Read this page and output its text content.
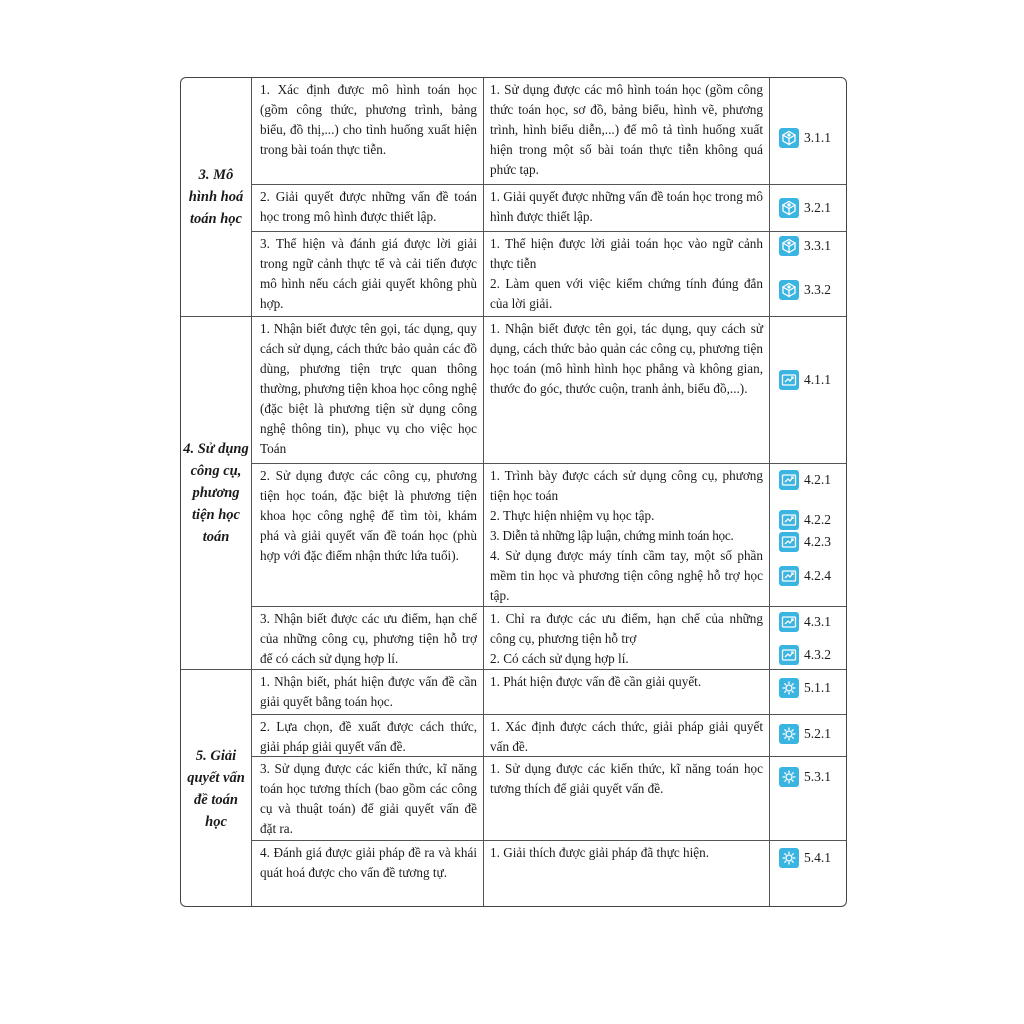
3. Mô hình hoá toán học
1. Xác định được mô hình toán học (gồm công thức, phương trình, bảng biểu, đồ thị,...) cho tình huống xuất hiện trong bài toán thực tiễn.
1. Sử dụng được các mô hình toán học (gồm công thức toán học, sơ đồ, bảng biểu, hình vẽ, phương trình, hình biểu diễn,...) để mô tả tình huống xuất hiện trong một số bài toán thực tiễn không quá phức tạp.
3.1.1
2. Giải quyết được những vấn đề toán học trong mô hình được thiết lập.
1. Giải quyết được những vấn đề toán học trong mô hình được thiết lập.
3.2.1
3. Thể hiện và đánh giá được lời giải trong ngữ cảnh thực tế và cải tiến được mô hình nếu cách giải quyết không phù hợp.
1. Thể hiện được lời giải toán học vào ngữ cảnh thực tiễn
2. Làm quen với việc kiểm chứng tính đúng đắn của lời giải.
3.3.1
3.3.2
4. Sử dụng công cụ, phương tiện học toán
1. Nhận biết được tên gọi, tác dụng, quy cách sử dụng, cách thức bảo quản các đồ dùng, phương tiện trực quan thông thường, phương tiện khoa học công nghệ (đặc biệt là phương tiện sử dụng công nghệ thông tin), phục vụ cho việc học Toán
1. Nhận biết được tên gọi, tác dụng, quy cách sử dụng, cách thức bảo quản các công cụ, phương tiện học toán (mô hình hình học phẳng và không gian, thước đo góc, thước cuộn, tranh ảnh, biểu đồ,...).
4.1.1
2. Sử dụng được các công cụ, phương tiện học toán, đặc biệt là phương tiện khoa học công nghệ để tìm tòi, khám phá và giải quyết vấn đề toán học (phù hợp với đặc điểm nhận thức lứa tuổi).
1. Trình bày được cách sử dụng công cụ, phương tiện học toán
2. Thực hiện nhiệm vụ học tập.
3. Diễn tả những lập luận, chứng minh toán học.
4. Sử dụng được máy tính cầm tay, một số phần mềm tin học và phương tiện công nghệ hỗ trợ học tập.
4.2.1
4.2.2
4.2.3
4.2.4
3. Nhận biết được các ưu điểm, hạn chế của những công cụ, phương tiện hỗ trợ để có cách sử dụng hợp lí.
1. Chỉ ra được các ưu điểm, hạn chế của những công cụ, phương tiện hỗ trợ
2. Có cách sử dụng hợp lí.
4.3.1
4.3.2
5. Giải quyết vấn đề toán học
1. Nhận biết, phát hiện được vấn đề cần giải quyết bằng toán học.
1. Phát hiện được vấn đề cần giải quyết.	5.1.1
2. Lựa chọn, đề xuất được cách thức, giải pháp giải quyết vấn đề.
1. Xác định được cách thức, giải pháp giải quyết vấn đề.
5.2.1
3. Sử dụng được các kiến thức, kĩ năng toán học tương thích (bao gồm các công cụ và thuật toán) để giải quyết vấn đề đặt ra.
1. Sử dụng được các kiến thức, kĩ năng toán học tương thích để giải quyết vấn đề.
5.3.1
4. Đánh giá được giải pháp đề ra và khái quát hoá được cho vấn đề tương tự.
1. Giải thích được giải pháp đã thực hiện.	5.4.1
